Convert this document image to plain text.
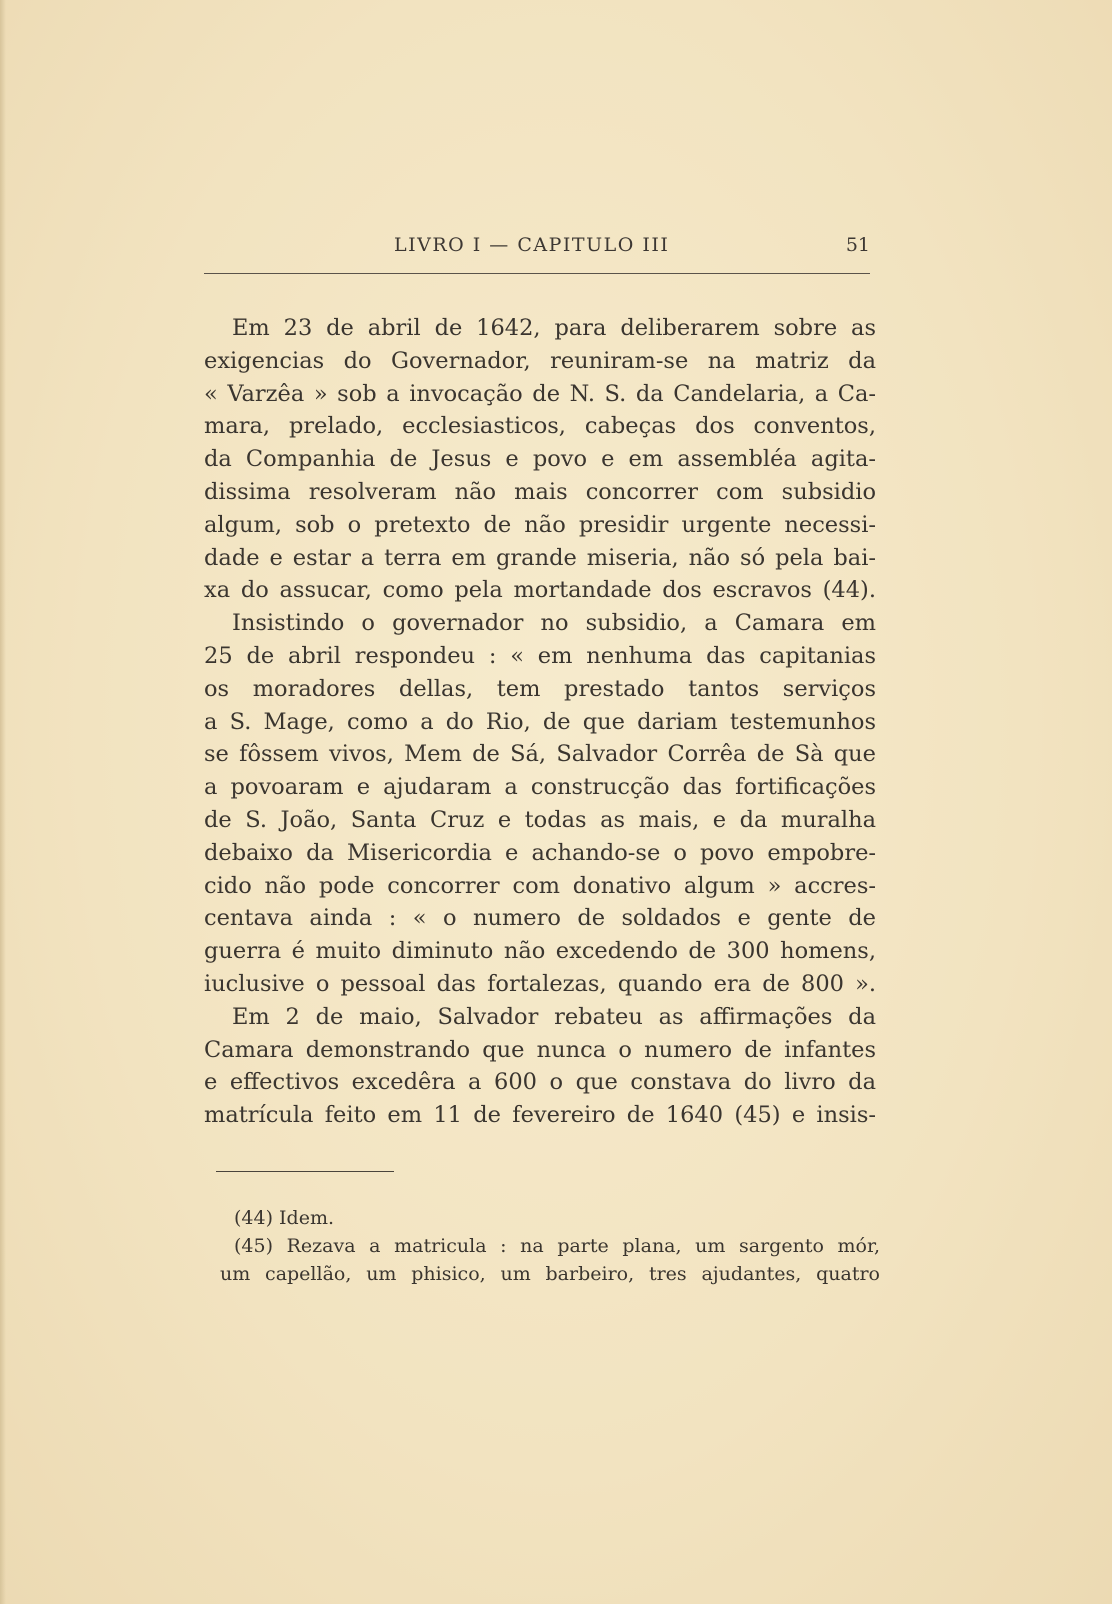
LIVRO I — CAPITULO III	51
Em 23 de abril de 1642, para deliberarem sobre as
exigencias do Governador, reuniram-se na matriz da
« Varzêa » sob a invocação de N. S. da Candelaria, a Ca-
mara, prelado, ecclesiasticos, cabeças dos conventos,
da Companhia de Jesus e povo e em assembléa agita-
dissima resolveram não mais concorrer com subsidio
algum, sob o pretexto de não presidir urgente necessi-
dade e estar a terra em grande miseria, não só pela bai-
xa do assucar, como pela mortandade dos escravos (44).
Insistindo o governador no subsidio, a Camara em
25 de abril respondeu : « em nenhuma das capitanias
os moradores dellas, tem prestado tantos serviços
a S. Mage, como a do Rio, de que dariam testemunhos
se fôssem vivos, Mem de Sá, Salvador Corrêa de Sà que
a povoaram e ajudaram a construcção das fortificações
de S. João, Santa Cruz e todas as mais, e da muralha
debaixo da Misericordia e achando-se o povo empobre-
cido não pode concorrer com donativo algum » accres-
centava ainda : « o numero de soldados e gente de
guerra é muito diminuto não excedendo de 300 homens,
iuclusive o pessoal das fortalezas, quando era de 800 ».
Em 2 de maio, Salvador rebateu as affirmações da
Camara demonstrando que nunca o numero de infantes
e effectivos excedêra a 600 o que constava do livro da
matrícula feito em 11 de fevereiro de 1640 (45) e insis-
(44) Idem.
(45) Rezava a matricula : na parte plana, um sargento mór,
um capellão, um phisico, um barbeiro, tres ajudantes, quatro
